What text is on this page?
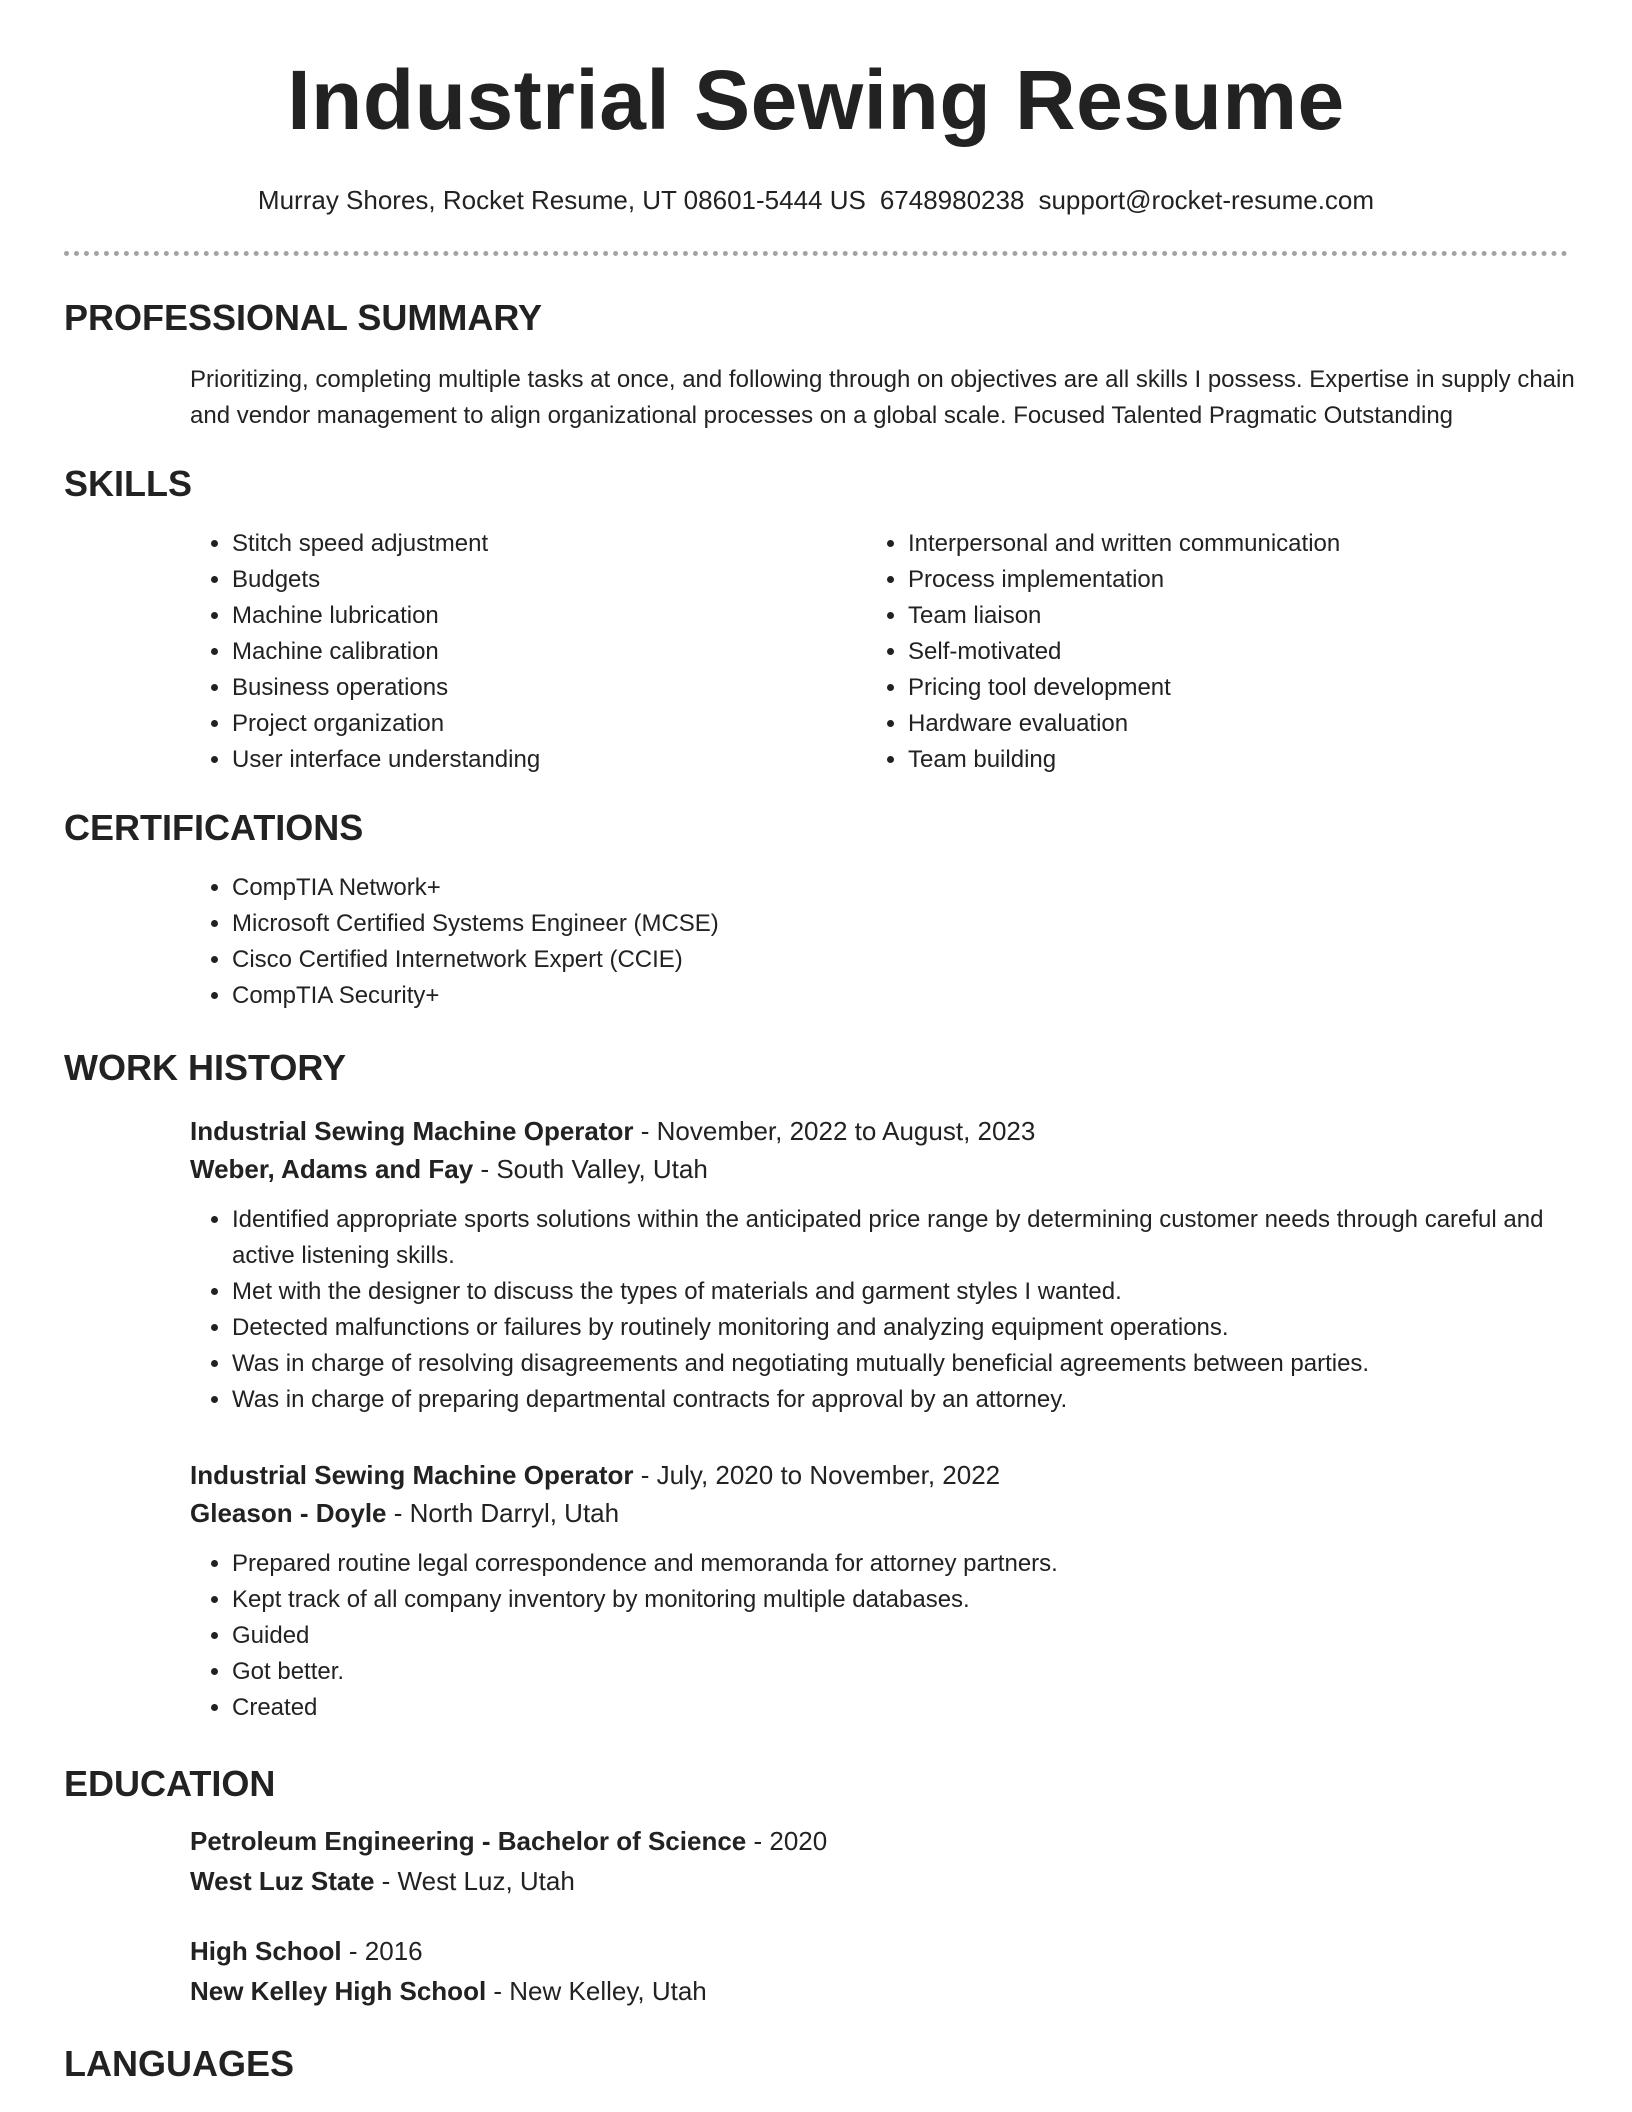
Industrial Sewing Resume
Murray Shores, Rocket Resume, UT 08601-5444 US 6748980238 support@rocket-resume.com
PROFESSIONAL SUMMARY
Prioritizing, completing multiple tasks at once, and following through on objectives are all skills I possess. Expertise in supply chain and vendor management to align organizational processes on a global scale. Focused Talented Pragmatic Outstanding
SKILLS
• Stitch speed adjustment
• Budgets
• Machine lubrication
• Machine calibration
• Business operations
• Project organization
• User interface understanding
• Interpersonal and written communication
• Process implementation
• Team liaison
• Self-motivated
• Pricing tool development
• Hardware evaluation
• Team building
CERTIFICATIONS
• CompTIA Network+
• Microsoft Certified Systems Engineer (MCSE)
• Cisco Certified Internetwork Expert (CCIE)
• CompTIA Security+
WORK HISTORY
Industrial Sewing Machine Operator - November, 2022 to August, 2023
Weber, Adams and Fay - South Valley, Utah
• Identified appropriate sports solutions within the anticipated price range by determining customer needs through careful and active listening skills.
• Met with the designer to discuss the types of materials and garment styles I wanted.
• Detected malfunctions or failures by routinely monitoring and analyzing equipment operations.
• Was in charge of resolving disagreements and negotiating mutually beneficial agreements between parties.
• Was in charge of preparing departmental contracts for approval by an attorney.
Industrial Sewing Machine Operator - July, 2020 to November, 2022
Gleason - Doyle - North Darryl, Utah
• Prepared routine legal correspondence and memoranda for attorney partners.
• Kept track of all company inventory by monitoring multiple databases.
• Guided
• Got better.
• Created
EDUCATION
Petroleum Engineering - Bachelor of Science - 2020
West Luz State - West Luz, Utah
High School - 2016
New Kelley High School - New Kelley, Utah
LANGUAGES
